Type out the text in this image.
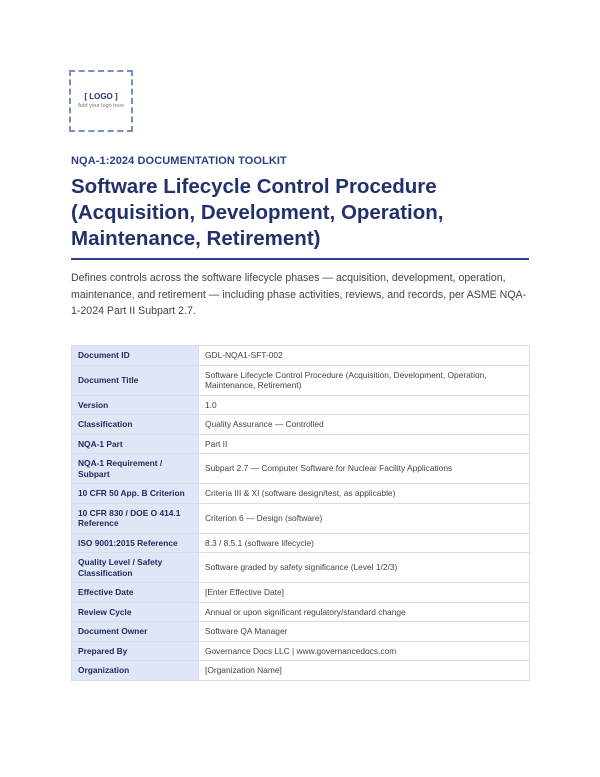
[ LOGO ]
Add your logo here
NQA-1:2024 DOCUMENTATION TOOLKIT
Software Lifecycle Control Procedure
(Acquisition, Development, Operation,
Maintenance, Retirement)
Defines controls across the software lifecycle phases — acquisition, development, operation, maintenance, and retirement — including phase activities, reviews, and records, per ASME NQA-1-2024 Part II Subpart 2.7.
Document ID	GDL-NQA1-SFT-002
Document Title	Software Lifecycle Control Procedure (Acquisition, Development, Operation, Maintenance, Retirement)
Version	1.0
Classification	Quality Assurance — Controlled
NQA-1 Part	Part II
NQA-1 Requirement / Subpart	Subpart 2.7 — Computer Software for Nuclear Facility Applications
10 CFR 50 App. B Criterion	Criteria III & XI (software design/test, as applicable)
10 CFR 830 / DOE O 414.1 Reference	Criterion 6 — Design (software)
ISO 9001:2015 Reference	8.3 / 8.5.1 (software lifecycle)
Quality Level / Safety Classification	Software graded by safety significance (Level 1/2/3)
Effective Date	[Enter Effective Date]
Review Cycle	Annual or upon significant regulatory/standard change
Document Owner	Software QA Manager
Prepared By	Governance Docs LLC | www.governancedocs.com
Organization	[Organization Name]
